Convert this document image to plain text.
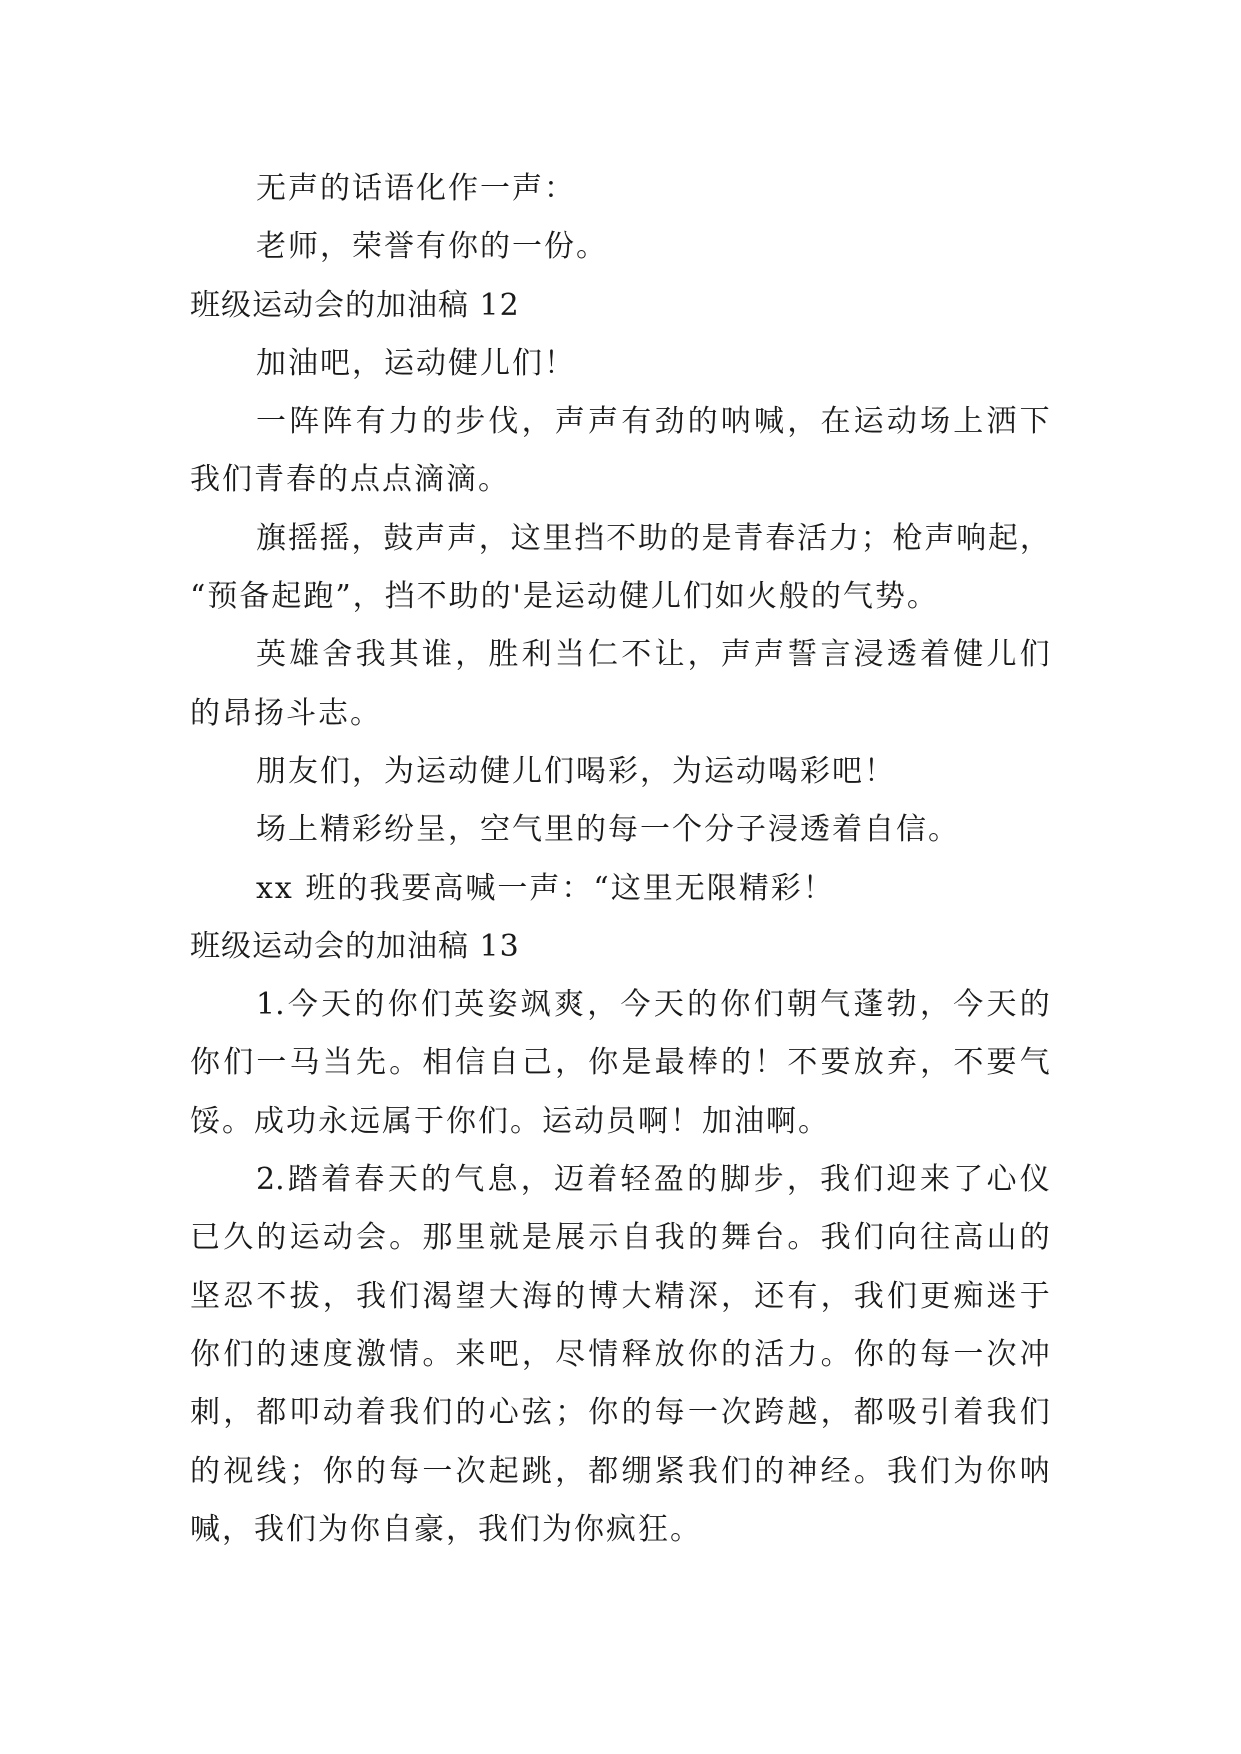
无声的话语化作一声：
老师，荣誉有你的一份。
班级运动会的加油稿 12
加油吧，运动健儿们！
一 阵 阵 有 力 的 步 伐 ， 声 声 有 劲 的 呐 喊 ， 在 运 动 场 上 洒 下
我们青春的点点滴滴。
旗 摇 摇 ， 鼓 声 声 ， 这 里 挡 不 助 的 是 青 春 活 力 ； 枪 声 响 起 ，
“预备起跑”，挡不助的'是运动健儿们如火般的气势。
英 雄 舍 我 其 谁 ， 胜 利 当 仁 不 让 ， 声 声 誓 言 浸 透 着 健 儿 们
的昂扬斗志。
朋友们，为运动健儿们喝彩，为运动喝彩吧！
场上精彩纷呈，空气里的每一个分子浸透着自信。
xx 班的我要高喊一声：“这里无限精彩！
班级运动会的加油稿 13
1. 今 天 的 你 们 英 姿 飒 爽 ， 今 天 的 你 们 朝 气 蓬 勃 ， 今 天 的
你 们 一 马 当 先 。 相 信 自 己 ， 你 是 最 棒 的 ！ 不 要 放 弃 ， 不 要 气
馁。成功永远属于你们。运动员啊！加油啊。
2. 踏 着 春 天 的 气 息 ， 迈 着 轻 盈 的 脚 步 ， 我 们 迎 来 了 心 仪
已 久 的 运 动 会 。 那 里 就 是 展 示 自 我 的 舞 台 。 我 们 向 往 高 山 的
坚 忍 不 拔 ， 我 们 渴 望 大 海 的 博 大 精 深 ， 还 有 ， 我 们 更 痴 迷 于
你 们 的 速 度 激 情 。 来 吧 ， 尽 情 释 放 你 的 活 力 。 你 的 每 一 次 冲
刺 ， 都 叩 动 着 我 们 的 心 弦 ； 你 的 每 一 次 跨 越 ， 都 吸 引 着 我 们
的 视 线 ； 你 的 每 一 次 起 跳 ， 都 绷 紧 我 们 的 神 经 。 我 们 为 你 呐
喊，我们为你自豪，我们为你疯狂。
